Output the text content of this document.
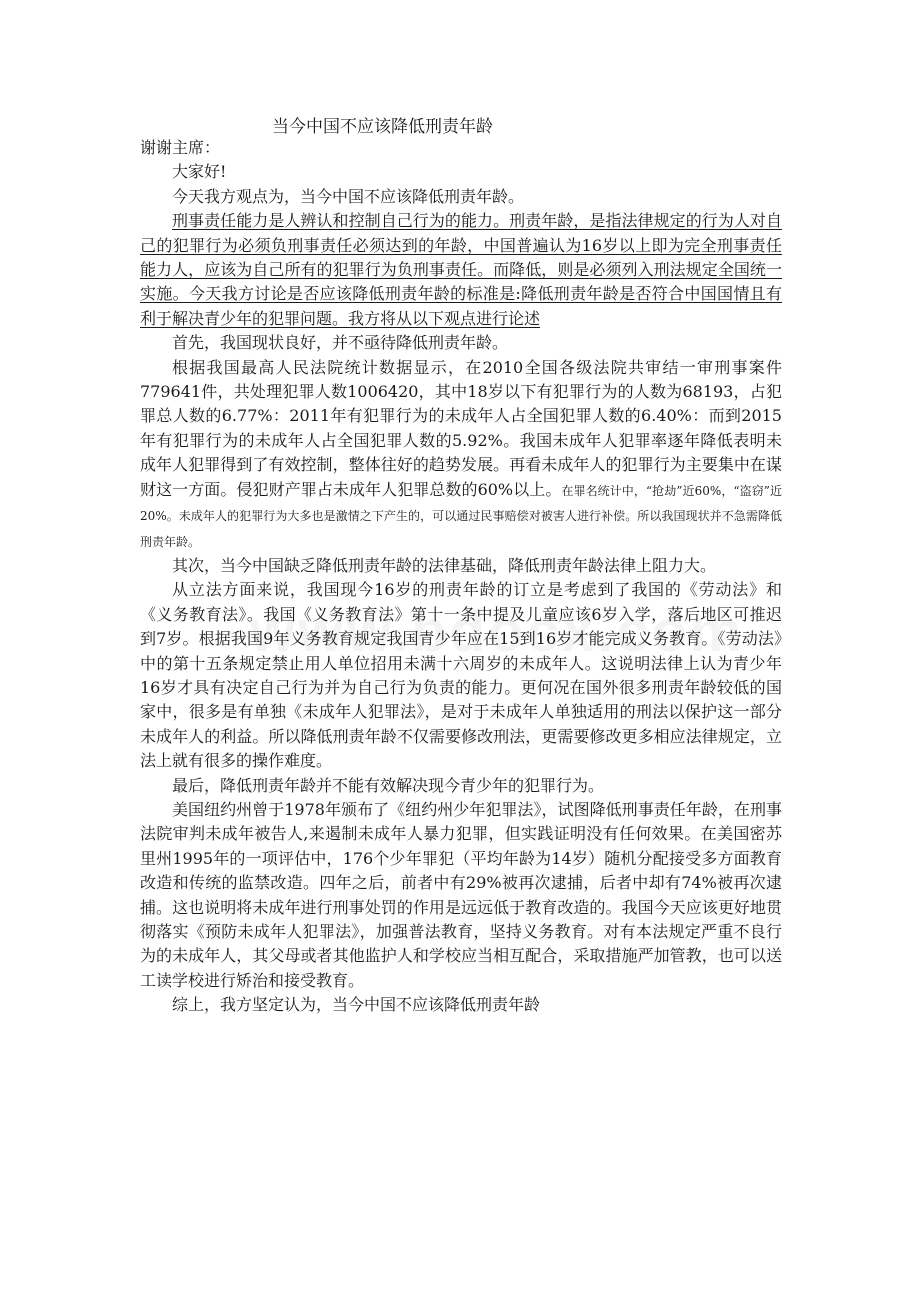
当今中国不应该降低刑责年龄

谢谢主席：

大家好!

今天我方观点为，当今中国不应该降低刑责年龄。

刑事责任能力是人辨认和控制自己行为的能力。刑责年龄，是指法律规定的行为人对自己的犯罪行为必须负刑事责任必须达到的年龄，中国普遍认为16岁以上即为完全刑事责任能力人，应该为自己所有的犯罪行为负刑事责任。而降低，则是必须列入刑法规定全国统一实施。今天我方讨论是否应该降低刑责年龄的标准是:降低刑责年龄是否符合中国国情且有利于解决青少年的犯罪问题。我方将从以下观点进行论述

首先，我国现状良好，并不亟待降低刑责年龄。

根据我国最高人民法院统计数据显示，在2010全国各级法院共审结一审刑事案件779641件，共处理犯罪人数1006420，其中18岁以下有犯罪行为的人数为68193，占犯罪总人数的6.77%：2011年有犯罪行为的未成年人占全国犯罪人数的6.40%：而到2015年有犯罪行为的未成年人占全国犯罪人数的5.92%。我国未成年人犯罪率逐年降低表明未成年人犯罪得到了有效控制，整体往好的趋势发展。再看未成年人的犯罪行为主要集中在谋财这一方面。侵犯财产罪占未成年人犯罪总数的60%以上。在罪名统计中，“抢劫”近60%，“盗窃”近20%。未成年人的犯罪行为大多也是激情之下产生的，可以通过民事赔偿对被害人进行补偿。所以我国现状并不急需降低刑责年龄。

其次，当今中国缺乏降低刑责年龄的法律基础，降低刑责年龄法律上阻力大。

从立法方面来说，我国现今16岁的刑责年龄的订立是考虑到了我国的《劳动法》和《义务教育法》。我国《义务教育法》第十一条中提及儿童应该6岁入学，落后地区可推迟到7岁。根据我国9年义务教育规定我国青少年应在15到16岁才能完成义务教育。《劳动法》中的第十五条规定禁止用人单位招用未满十六周岁的未成年人。这说明法律上认为青少年16岁才具有决定自己行为并为自己行为负责的能力。更何况在国外很多刑责年龄较低的国家中，很多是有单独《未成年人犯罪法》，是对于未成年人单独适用的刑法以保护这一部分未成年人的利益。所以降低刑责年龄不仅需要修改刑法，更需要修改更多相应法律规定，立法上就有很多的操作难度。

最后，降低刑责年龄并不能有效解决现今青少年的犯罪行为。

美国纽约州曾于1978年颁布了《纽约州少年犯罪法》，试图降低刑事责任年龄，在刑事法院审判未成年被告人,来遏制未成年人暴力犯罪，但实践证明没有任何效果。在美国密苏里州1995年的一项评估中，176个少年罪犯（平均年龄为14岁）随机分配接受多方面教育改造和传统的监禁改造。四年之后，前者中有29%被再次逮捕，后者中却有74%被再次逮捕。这也说明将未成年进行刑事处罚的作用是远远低于教育改造的。我国今天应该更好地贯彻落实《预防未成年人犯罪法》，加强普法教育，坚持义务教育。对有本法规定严重不良行为的未成年人，其父母或者其他监护人和学校应当相互配合，采取措施严加管教，也可以送工读学校进行矫治和接受教育。

综上，我方坚定认为，当今中国不应该降低刑责年龄
